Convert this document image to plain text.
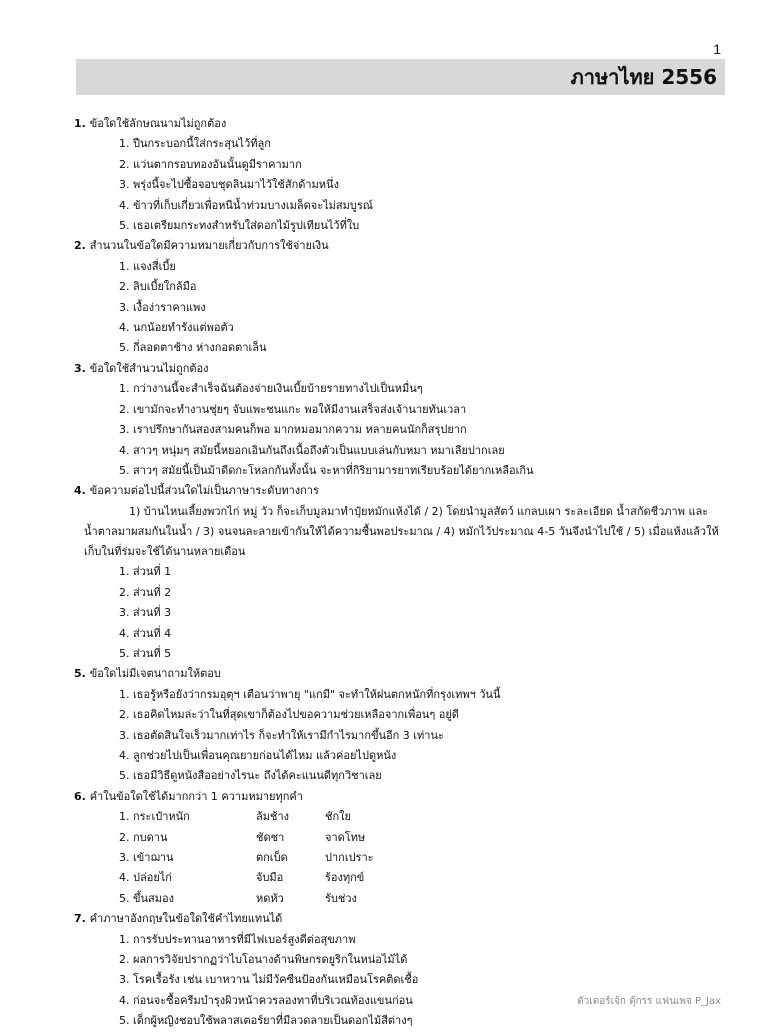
1
ภาษาไทย 2556
1. ข้อใดใช้ลักษณนามไม่ถูกต้อง
1. ปืนกระบอกนี้ใส่กระสุนไว้ที่ลูก
2. แว่นตากรอบทองอันนั้นดูมีราคามาก
3. พรุ่งนี้จะไปซื้อจอบชุดลินมาไว้ใช้สักด้ามหนึ่ง
4. ข้าวที่เก็บเกี่ยวเพื่อหนีน้ำท่วมบางเมล็ดจะไม่สมบูรณ์
5. เธอเตรียมกระทงสำหรับใส่ดอกไม้รูปเทียนไว้ที่ใบ
2. สำนวนในข้อใดมีความหมายเกี่ยวกับการใช้จ่ายเงิน
1. แจงสี่เบี้ย
2. ลิบเบี้ยใกล้มือ
3. เงื้อง่าราคาแพง
4. นกน้อยทำรังแต่พอตัว
5. กี่ลอดตาช้าง ห่างกอดตาเล็น
3. ข้อใดใช้สำนวนไม่ถูกต้อง
1. กว่างานนี้จะสำเร็จฉันต้องจ่ายเงินเบี้ยบ้ายรายทางไปเป็นหมื่นๆ
2. เขามักจะทำงานชุ่ยๆ จับแพะชนแกะ พอให้มีงานเสร็จส่งเจ้านายทันเวลา
3. เราปรึกษากันสองสามคนก็พอ มากหมอมากความ หลายคนนักก็สรุปยาก
4. สาวๆ หนุ่มๆ สมัยนี้หยอกเอินกันถึงเนื้อถึงตัวเป็นแบบเล่นกับหมา หมาเลียปากเลย
5. สาวๆ สมัยนี้เป็นม้าดีดกะโหลกกันทั้งนั้น จะหาที่กิริยามารยาทเรียบร้อยได้ยากเหลือเกิน
4. ข้อความต่อไปนี้ส่วนใดไม่เป็นภาษาระดับทางการ
1) บ้านไหนเลี้ยงพวกไก่ หมู่ วัว ก็จะเก็บมูลมาทำปุ๋ยหมักแห้งได้ / 2) โดยนำมูลสัตว์ แกลบเผา ระละเอียด น้ำสกัดชีวภาพ และน้ำตาลมาผสมกันในน้ำ / 3) จนจนละลายเข้ากันให้ได้ความชื้นพอประมาณ / 4) หมักไว้ประมาณ 4-5 วันจึงนำไปใช้ / 5) เมื่อแห้งแล้วให้เก็บในที่ร่มจะใช้ได้นานหลายเดือน
1. ส่วนที่ 1
2. ส่วนที่ 2
3. ส่วนที่ 3
4. ส่วนที่ 4
5. ส่วนที่ 5
5. ข้อใดไม่มีเจตนาถามให้ตอบ
1. เธอรู้หรือยังว่ากรมอุตุฯ เตือนว่าพายุ "แกมี" จะทำให้ฝนตกหนักที่กรุงเทพฯ วันนี้
2. เธอคิดไหมล่ะว่าในที่สุดเขาก็ต้องไปขอความช่วยเหลือจากเพื่อนๆ อยู่ดี
3. เธอตัดสินใจเร็วมากเท่าไร ก็จะทำให้เรามีกำไรมากขึ้นอีก 3 เท่านะ
4. ลูกช่วยไปเป็นเพื่อนคุณยายก่อนได้ไหม แล้วค่อยไปดูหนัง
5. เธอมีวิธีดูหนังสืออย่างไรนะ ถึงได้คะแนนดีทุกวิชาเลย
6. คำในข้อใดใช้ได้มากกว่า 1 ความหมายทุกคำ
1. กระเป๋าหนัก	ล้มช้าง	ชักใย
2. กบดาน	ชัดชา	จาดโทษ
3. เข้าฌาน	ตกเบ็ด	ปากเปราะ
4. ปล่อยไก่	จับมือ	ร้องทุกข์
5. ขึ้นสมอง	หดหัว	รับช่วง
7. คำภาษาอังกฤษในข้อใดใช้คำไทยแทนได้
1. การรับประทานอาหารที่มีไฟเบอร์สูงดีต่อสุขภาพ
2. ผลการวิจัยปรากฏว่าไบโอนางด้านพิษกรดยูริกในหน่อไม้ได้
3. โรคเรื้อรัง เช่น เบาหวาน ไม่มีวัคซีนป้องกันเหมือนโรคติดเชื้อ
4. ก่อนจะซื้อครีมบำรุงผิวหน้าควรลองทาที่บริเวณท้องแขนก่อน
5. เด็กผู้หญิงชอบใช้พลาสเตอร์ยาที่มีลวดลายเป็นดอกไม้สีต่างๆ
ตัวเตอร์เจ้ก ตุ้กรร แฟนเพจ P_Jax
